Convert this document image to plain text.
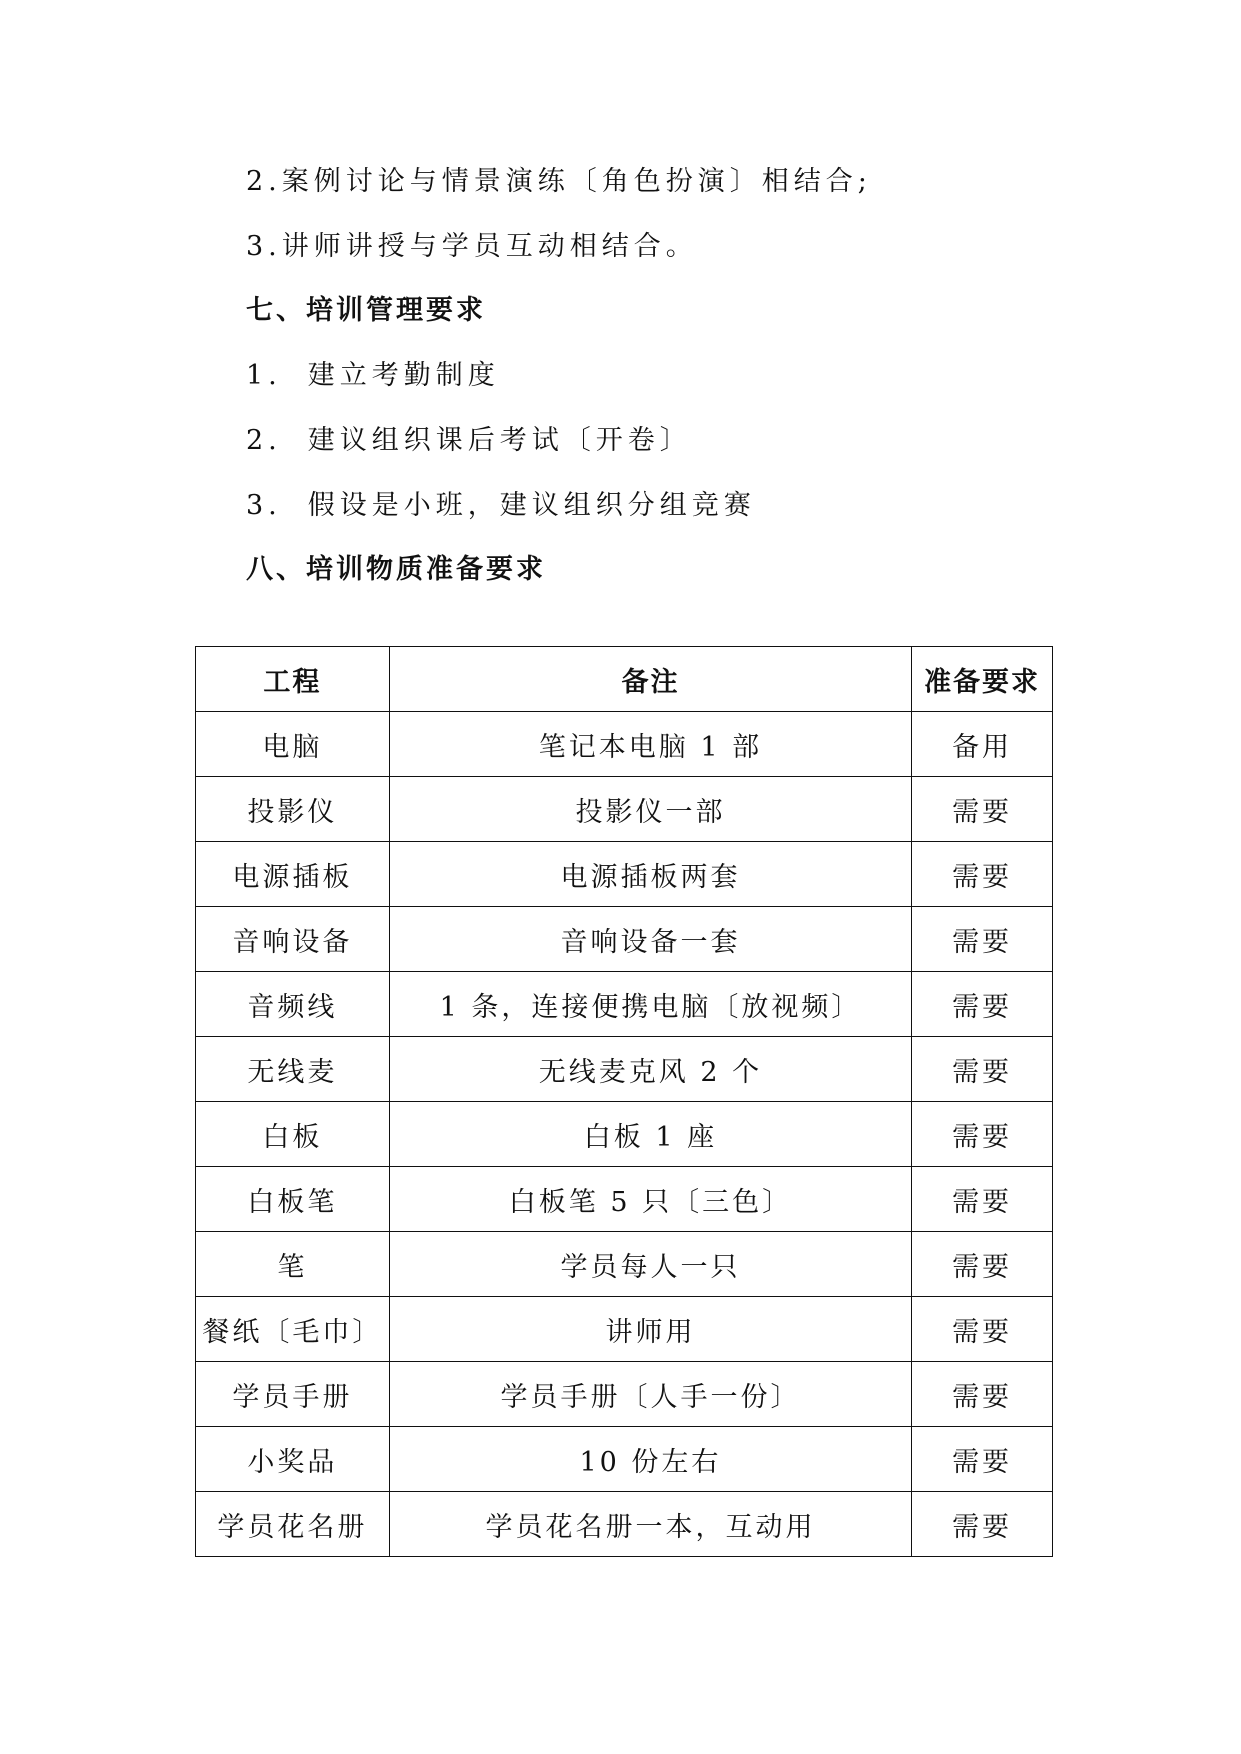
2.案例讨论与情景演练〔角色扮演〕相结合;
3.讲师讲授与学员互动相结合。
七、培训管理要求
1. 建立考勤制度
2. 建议组织课后考试〔开卷〕
3. 假设是小班，建议组织分组竞赛
八、培训物质准备要求
工程	备注	准备要求
电脑	笔记本电脑 1 部	备用
投影仪	投影仪一部	需要
电源插板	电源插板两套	需要
音响设备	音响设备一套	需要
音频线	1 条，连接便携电脑〔放视频〕	需要
无线麦	无线麦克风 2 个	需要
白板	白板 1 座	需要
白板笔	白板笔 5 只〔三色〕	需要
笔	学员每人一只	需要
餐纸〔毛巾〕	讲师用	需要
学员手册	学员手册〔人手一份〕	需要
小奖品	10 份左右	需要
学员花名册	学员花名册一本，互动用	需要
